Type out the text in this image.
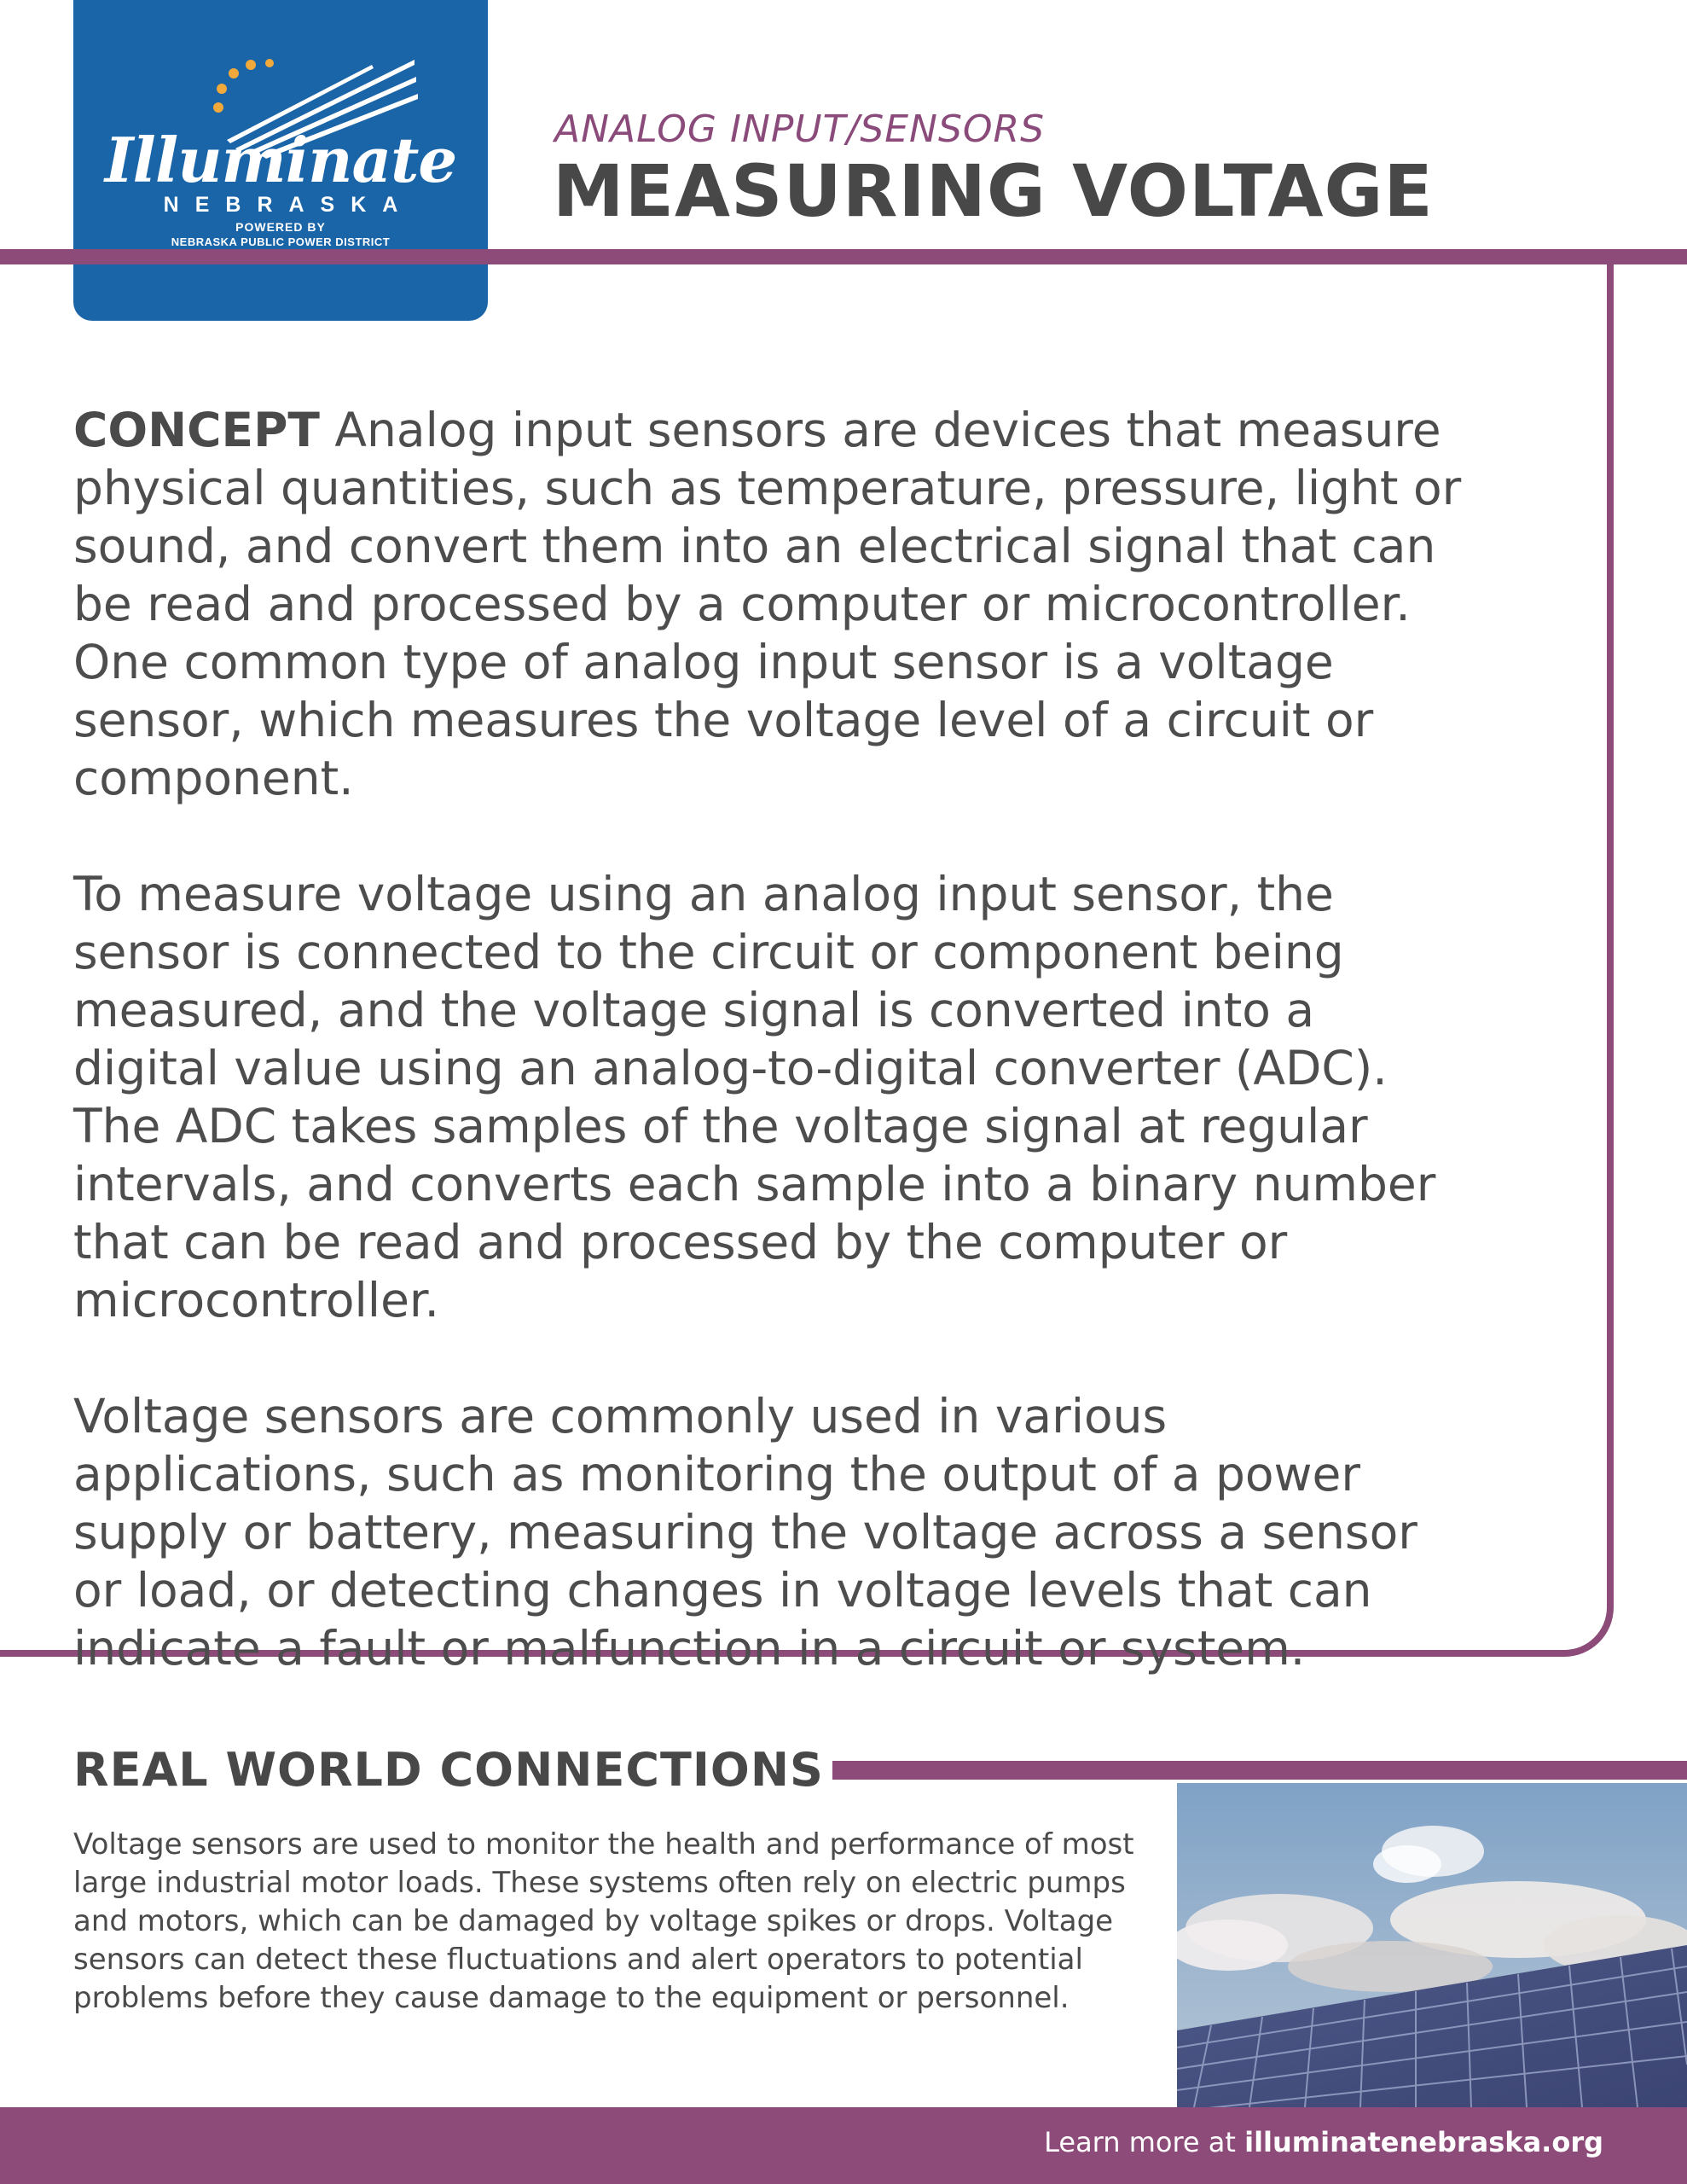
Illuminate
NEBRASKA
POWERED BY
NEBRASKA PUBLIC POWER DISTRICT
ANALOG INPUT/SENSORS
MEASURING VOLTAGE

CONCEPT Analog input sensors are devices that measure physical quantities, such as temperature, pressure, light or sound, and convert them into an electrical signal that can be read and processed by a computer or microcontroller. One common type of analog input sensor is a voltage sensor, which measures the voltage level of a circuit or component.

To measure voltage using an analog input sensor, the sensor is connected to the circuit or component being measured, and the voltage signal is converted into a digital value using an analog-to-digital converter (ADC). The ADC takes samples of the voltage signal at regular intervals, and converts each sample into a binary number that can be read and processed by the computer or microcontroller.

Voltage sensors are commonly used in various applications, such as monitoring the output of a power supply or battery, measuring the voltage across a sensor or load, or detecting changes in voltage levels that can indicate a fault or malfunction in a circuit or system.

REAL WORLD CONNECTIONS

Voltage sensors are used to monitor the health and performance of most large industrial motor loads. These systems often rely on electric pumps and motors, which can be damaged by voltage spikes or drops. Voltage sensors can detect these fluctuations and alert operators to potential problems before they cause damage to the equipment or personnel.

Learn more at illuminatenebraska.org
